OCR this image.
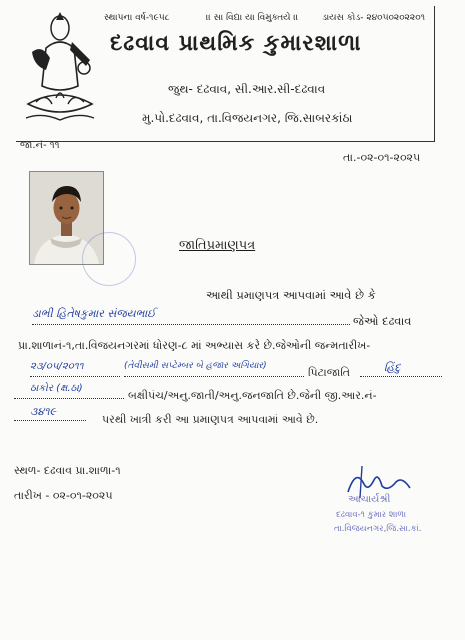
સ્થાપના વર્ષ-૧૯૫૮	।। સા વિદ્યા યા વિમુક્તયે ।।	ડાયસ કોડ- ૨૪૦૫૦૨૦૨૨૦૧
દઢવાવ પ્રાથમિક કુમારશાળા
જુથ- દઢવાવ, સી.આર.સી-દઢવાવ
મુ.પો.દઢવાવ, તા.વિજયનગર, જિ.સાબરકાંઠા
જા.નં- ૧૧
તા.-૦૨-૦૧-૨૦૨૫
જાતિપ્રમાણપત્ર
આથી પ્રમાણપત્ર આપવામાં આવે છે કે
ડાભી હિતેષકુમાર સંજયભાઈ
જેઓ દઢવાવ
પ્રા.શાળાનં-૧,તા.વિજયનગરમાં ધોરણ-૮ માં અભ્યાસ કરે છે.જેઓની જન્મતારીખ-
૨૩/૦૫/૨૦૧૧	(તેવીસમી સપ્ટેમ્બર બે હજાર અગિયાર)	પિટાજાતિ	હિંદુ
ઠાકોર (ક્ષ.ઠા)
બક્ષીપંચ/અનુ.જાતી/અનુ.જનજાતિ છે.જેની જી.આર.નં-
૩૪૧૯
પરથી ખાત્રી કરી આ પ્રમાણપત્ર આપવામાં આવે છે.
સ્થળ- દઢવાવ પ્રા.શાળા-૧
તારીખ - ૦૨-૦૧-૨૦૨૫	આચાર્યશ્રી
દઢવાવ-૧ કુમાર શાળા
તા.વિજયનગર,જિ.સા.કાં.
